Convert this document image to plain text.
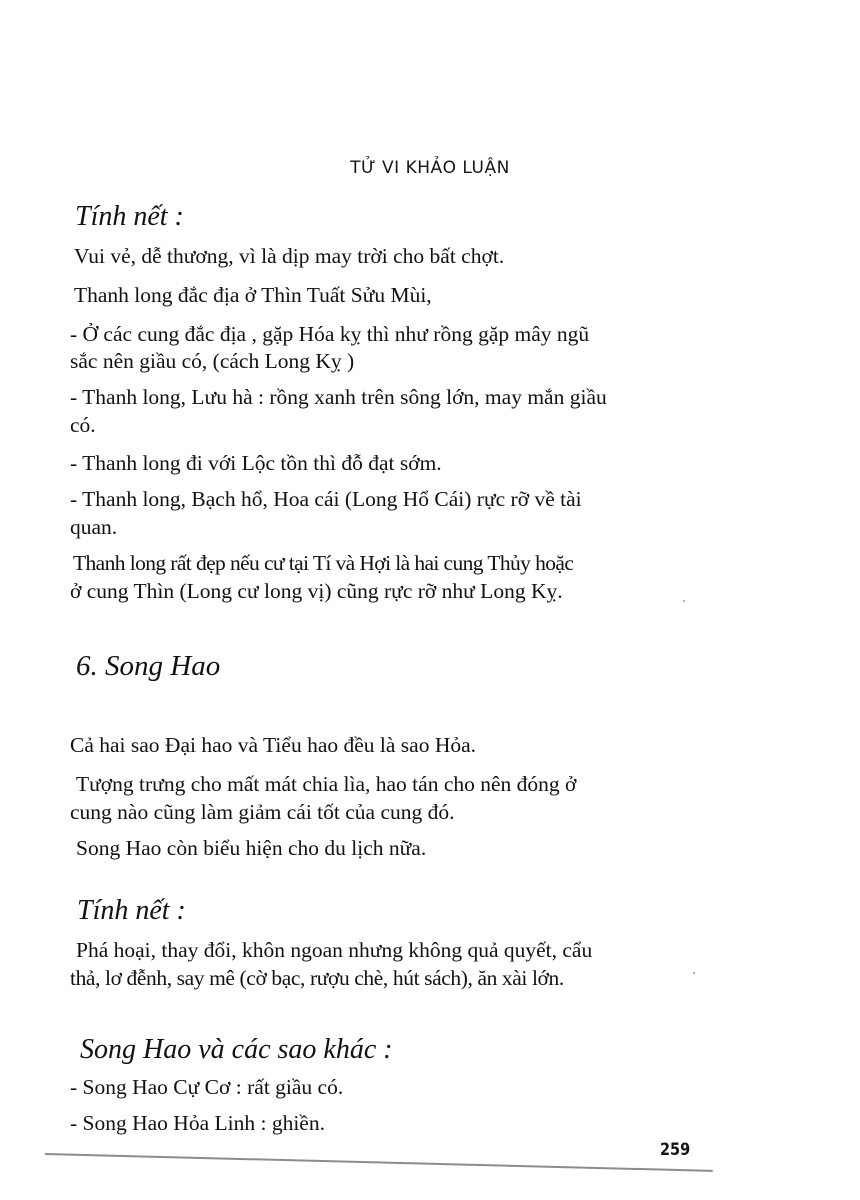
TỬ VI KHẢO LUẬN
Tính nết :
Vui vẻ, dễ thương, vì là dịp may trời cho bất chợt.
Thanh long đắc địa ở Thìn Tuất Sửu Mùi,
- Ở các cung đắc địa , gặp Hóa kỵ thì như rồng gặp mây ngũ
sắc nên giầu có, (cách Long Kỵ )
- Thanh long, Lưu hà : rồng xanh trên sông lớn, may mắn giầu
có.
- Thanh long đi với Lộc tồn thì đỗ đạt sớm.
- Thanh long, Bạch hổ, Hoa cái (Long Hổ Cái) rực rỡ về tài
quan.
Thanh long rất đẹp nếu cư tại Tí và Hợi là hai cung Thủy hoặc
ở cung Thìn (Long cư long vị) cũng rực rỡ như Long Kỵ.
6. Song Hao
Cả hai sao Đại hao và Tiểu hao đều là sao Hỏa.
Tượng trưng cho mất mát chia lìa, hao tán cho nên đóng ở
cung nào cũng làm giảm cái tốt của cung đó.
Song Hao còn biểu hiện cho du lịch nữa.
Tính nết :
Phá hoại, thay đổi, khôn ngoan nhưng không quả quyết, cẩu
thả, lơ đễnh, say mê (cờ bạc, rượu chè, hút sách), ăn xài lớn.
Song Hao và các sao khác :
- Song Hao Cự Cơ : rất giầu có.
- Song Hao Hỏa Linh : ghiền.
259
